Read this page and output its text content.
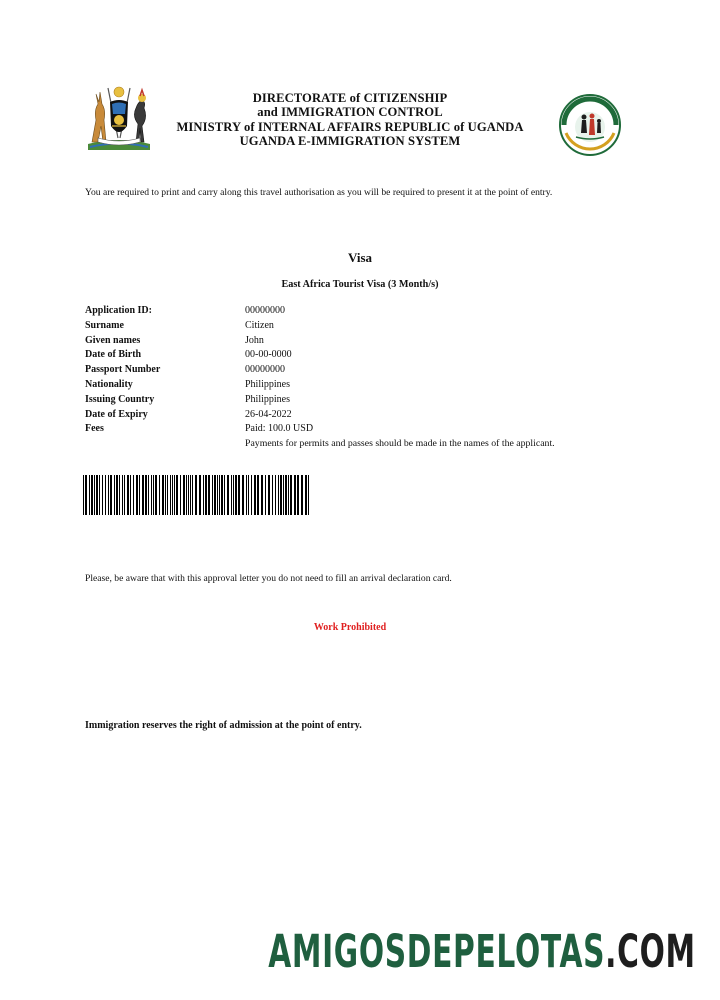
DIRECTORATE of CITIZENSHIP
and IMMIGRATION CONTROL
MINISTRY of INTERNAL AFFAIRS REPUBLIC of UGANDA
UGANDA E-IMMIGRATION SYSTEM
You are required to print and carry along this travel authorisation as you will be required to present it at the point of entry.
Visa
East Africa Tourist Visa (3 Month/s)
Application ID:	00000000
Surname	Citizen
Given names	John
Date of Birth	00-00-0000
Passport Number	00000000
Nationality	Philippines
Issuing Country	Philippines
Date of Expiry	26-04-2022
Fees	Paid: 100.0 USD
Payments for permits and passes should be made in the names of the applicant.
Please, be aware that with this approval letter you do not need to fill an arrival declaration card.
Work Prohibited
Immigration reserves the right of admission at the point of entry.
AMIGOSDEPELOTAS.COM
